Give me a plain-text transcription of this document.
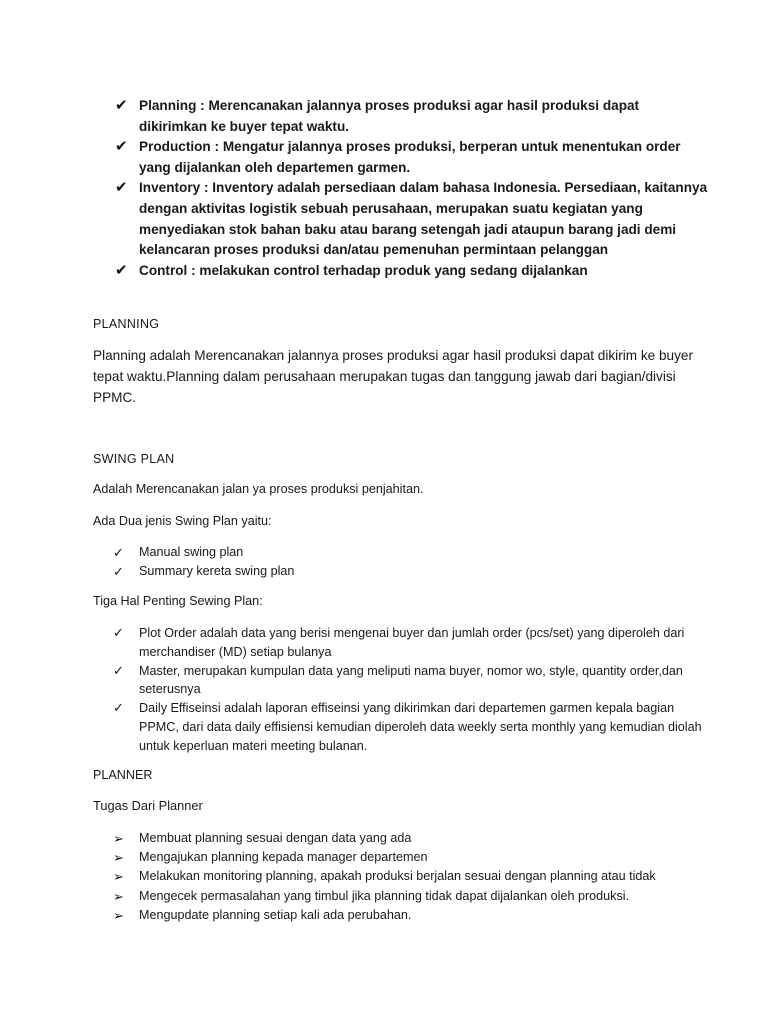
✔ Planning : Merencanakan jalannya proses produksi agar hasil produksi dapat dikirimkan ke buyer tepat waktu.
✔ Production : Mengatur jalannya proses produksi, berperan untuk menentukan order yang dijalankan oleh departemen garmen.
✔ Inventory : Inventory adalah persediaan dalam bahasa Indonesia. Persediaan, kaitannya dengan aktivitas logistik sebuah perusahaan, merupakan suatu kegiatan yang menyediakan stok bahan baku atau barang setengah jadi ataupun barang jadi demi kelancaran proses produksi dan/atau pemenuhan permintaan pelanggan
✔ Control : melakukan control terhadap produk yang sedang dijalankan
PLANNING
Planning adalah Merencanakan jalannya proses produksi agar hasil produksi dapat dikirim ke buyer tepat waktu.Planning dalam perusahaan merupakan tugas dan tanggung jawab dari bagian/divisi PPMC.
SWING PLAN
Adalah Merencanakan jalan ya proses produksi penjahitan.
Ada Dua jenis Swing Plan yaitu:
✓ Manual swing plan
✓ Summary kereta swing plan
Tiga Hal Penting Sewing Plan:
✓ Plot Order adalah data yang berisi mengenai buyer dan jumlah order (pcs/set) yang diperoleh dari merchandiser (MD) setiap bulanya
✓ Master, merupakan kumpulan data yang meliputi nama buyer, nomor wo, style, quantity order,dan seterusnya
✓ Daily Effiseinsi adalah laporan effiseinsi yang dikirimkan dari departemen garmen kepala bagian PPMC, dari data daily effisiensi kemudian diperoleh data weekly serta monthly yang kemudian diolah untuk keperluan materi meeting bulanan.
PLANNER
Tugas Dari Planner
➢ Membuat planning sesuai dengan data yang ada
➢ Mengajukan planning kepada manager departemen
➢ Melakukan monitoring planning, apakah produksi berjalan sesuai dengan planning atau tidak
➢ Mengecek permasalahan yang timbul jika planning tidak dapat dijalankan oleh produksi.
➢ Mengupdate planning setiap kali ada perubahan.
